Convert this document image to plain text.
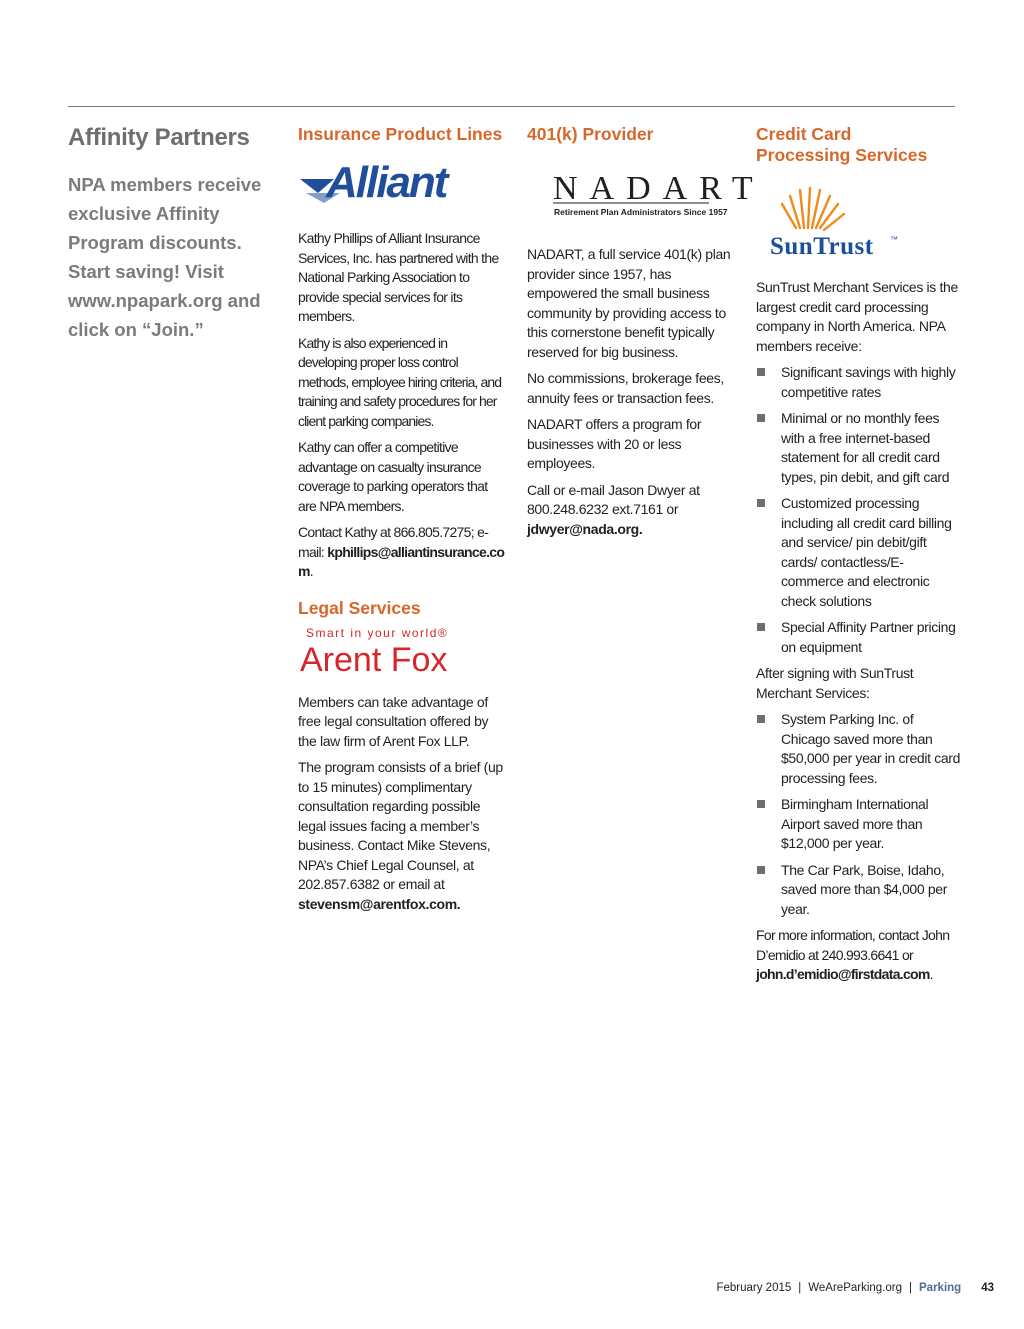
Affinity Partners

NPA members receive exclusive Affinity Program discounts. Start saving! Visit www.npapark.org and click on “Join.”

Insurance Product Lines
Alliant

Kathy Phillips of Alliant Insurance Services, Inc. has partnered with the National Parking Association to provide special services for its members.

Kathy is also experienced in developing proper loss control methods, employee hiring criteria, and training and safety procedures for her client parking companies.

Kathy can offer a competitive advantage on casualty insurance coverage to parking operators that are NPA members.

Contact Kathy at 866.805.7275; e-mail: kphillips@alliantinsurance.com.

Legal Services
Smart in your world®
Arent Fox

Members can take advantage of free legal consultation offered by the law firm of Arent Fox LLP.

The program consists of a brief (up to 15 minutes) complimentary consultation regarding possible legal issues facing a member’s business. Contact Mike Stevens, NPA’s Chief Legal Counsel, at 202.857.6382 or email at stevensm@arentfox.com.

401(k) Provider
NADART
Retirement Plan Administrators Since 1957

NADART, a full service 401(k) plan provider since 1957, has empowered the small business community by providing access to this cornerstone benefit typically reserved for big business.

No commissions, brokerage fees, annuity fees or transaction fees.

NADART offers a program for businesses with 20 or less employees.

Call or e-mail Jason Dwyer at 800.248.6232 ext.7161 or jdwyer@nada.org.

Credit Card Processing Services
SunTrust ™

SunTrust Merchant Services is the largest credit card processing company in North America. NPA members receive:

Significant savings with highly competitive rates
Minimal or no monthly fees with a free internet-based statement for all credit card types, pin debit, and gift card
Customized processing including all credit card billing and service/ pin debit/gift cards/ contactless/E-commerce and electronic check solutions
Special Affinity Partner pricing on equipment

After signing with SunTrust Merchant Services:

System Parking Inc. of Chicago saved more than $50,000 per year in credit card processing fees.
Birmingham International Airport saved more than $12,000 per year.
The Car Park, Boise, Idaho, saved more than $4,000 per year.

For more information, contact John D’emidio at 240.993.6641 or john.d’emidio@firstdata.com.

February 2015 | WeAreParking.org | Parking 43
